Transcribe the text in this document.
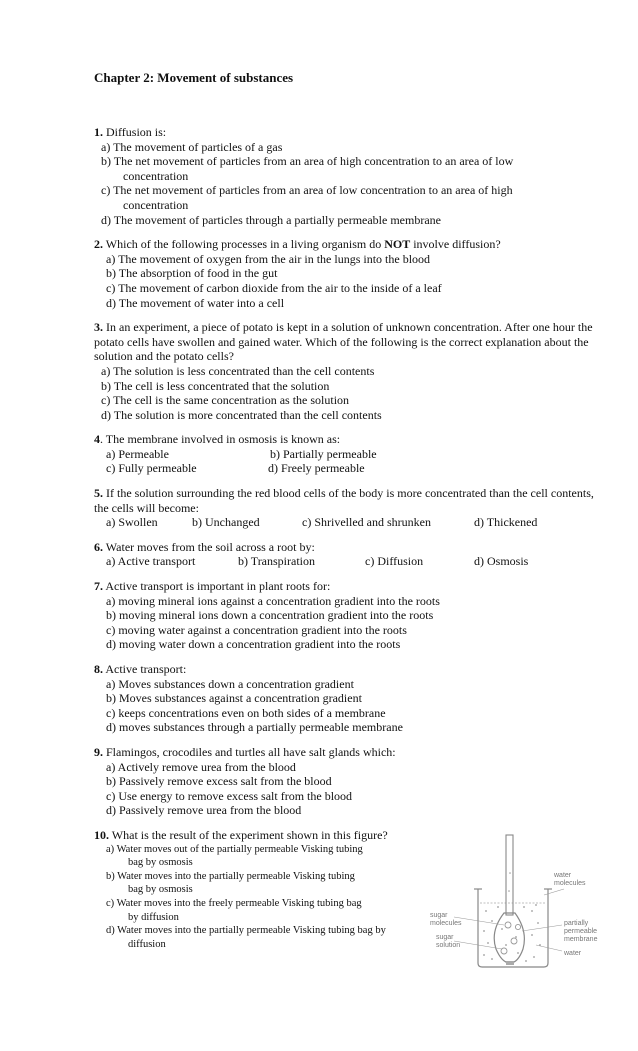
Chapter 2: Movement of substances
1. Diffusion is:
a) The movement of particles of a gas
b) The net movement of particles from an area of high concentration to an area of low
concentration
c) The net movement of particles from an area of low concentration to an area of high
concentration
d) The movement of particles through a partially permeable membrane
2. Which of the following processes in a living organism do NOT involve diffusion?
a) The movement of oxygen from the air in the lungs into the blood
b) The absorption of food in the gut
c) The movement of carbon dioxide from the air to the inside of a leaf
d) The movement of water into a cell
3. In an experiment, a piece of potato is kept in a solution of unknown concentration. After one hour the potato cells have swollen and gained water. Which of the following is the correct explanation about the solution and the potato cells?
a) The solution is less concentrated than the cell contents
b) The cell is less concentrated that the solution
c) The cell is the same concentration as the solution
d) The solution is more concentrated than the cell contents
4. The membrane involved in osmosis is known as:
a) Permeable	b) Partially permeable
c) Fully permeable	d) Freely permeable
5. If the solution surrounding the red blood cells of the body is more concentrated than the cell contents, the cells will become:
a) Swollen	b) Unchanged	c) Shrivelled and shrunken	d) Thickened
6. Water moves from the soil across a root by:
a) Active transport	b) Transpiration	c) Diffusion	d) Osmosis
7. Active transport is important in plant roots for:
a) moving mineral ions against a concentration gradient into the roots
b) moving mineral ions down a concentration gradient into the roots
c) moving water against a concentration gradient into the roots
d) moving water down a concentration gradient into the roots
8. Active transport:
a) Moves substances down a concentration gradient
b) Moves substances against a concentration gradient
c) keeps concentrations even on both sides of a membrane
d) moves substances through a partially permeable membrane
9. Flamingos, crocodiles and turtles all have salt glands which:
a) Actively remove urea from the blood
b) Passively remove excess salt from the blood
c) Use energy to remove excess salt from the blood
d) Passively remove urea from the blood
10. What is the result of the experiment shown in this figure?
a) Water moves out of the partially permeable Visking tubing
bag by osmosis
b) Water moves into the partially permeable Visking tubing
bag by osmosis
c) Water moves into the freely permeable Visking tubing bag
by diffusion
d) Water moves into the partially permeable Visking tubing bag by
diffusion
water molecules
sugar molecules	partially permeable membrane
sugar solution
water
